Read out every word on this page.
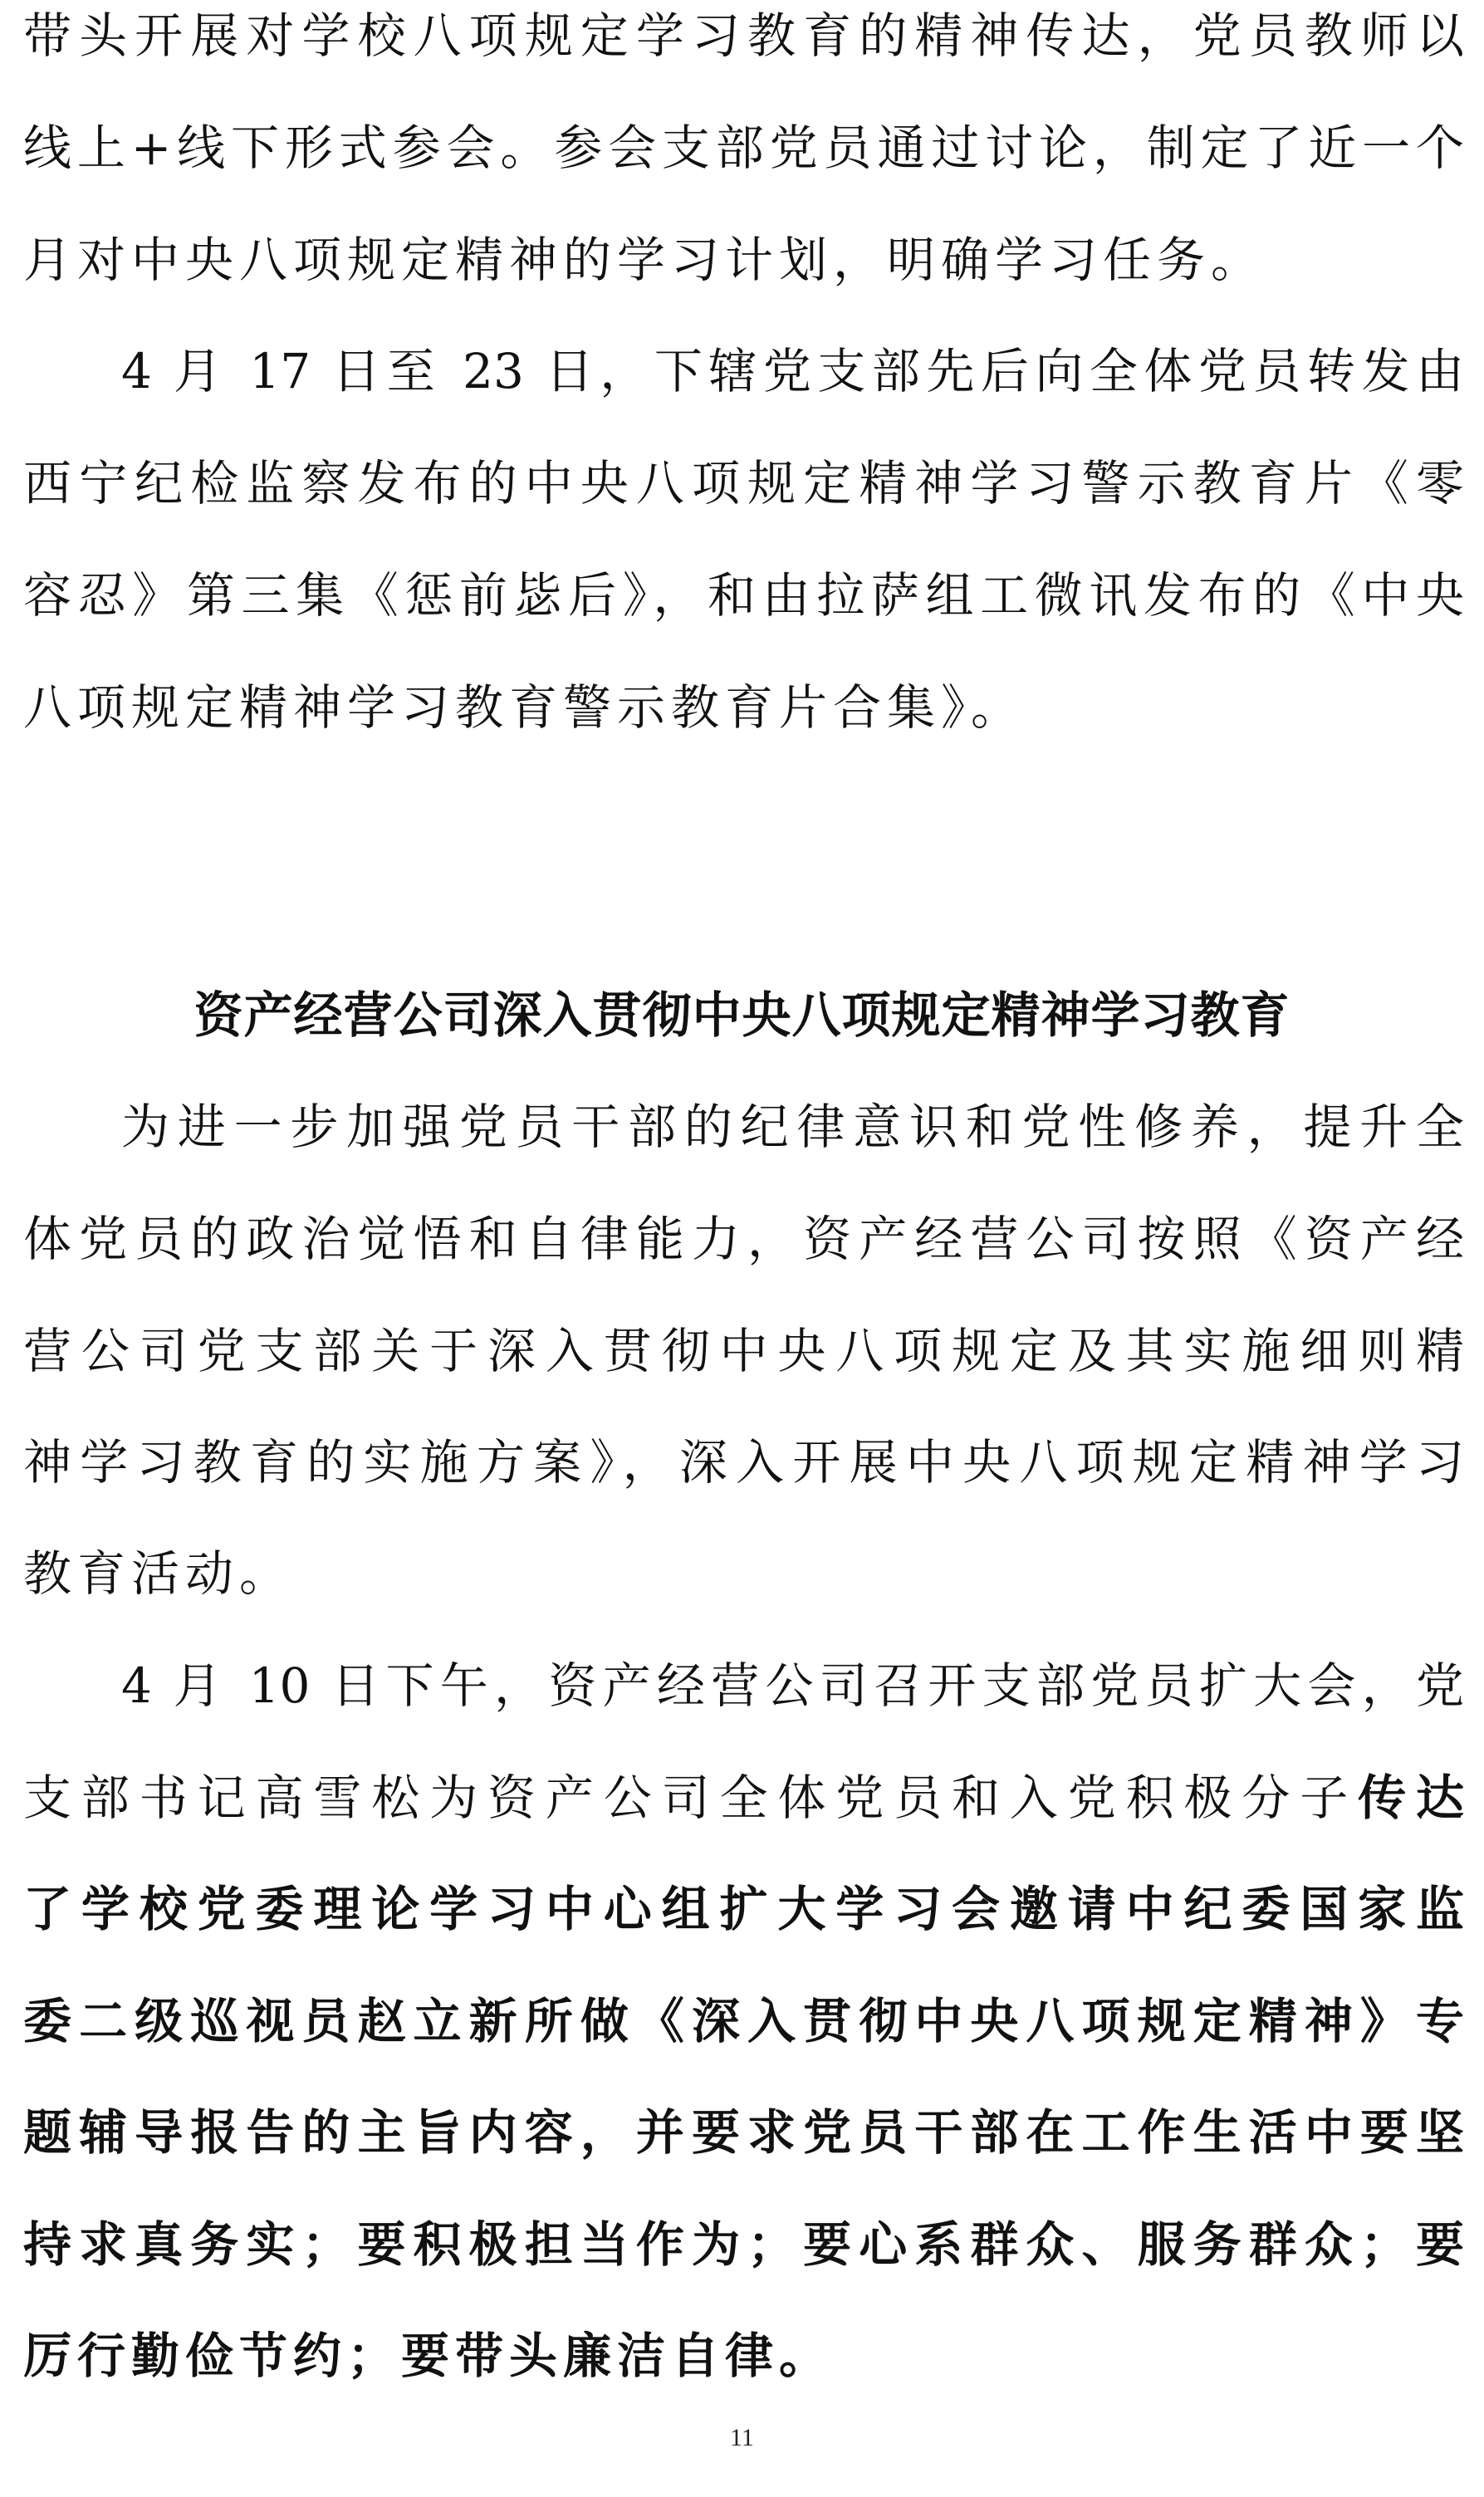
带头开展对学校八项规定学习教育的精神传达，党员教师以
线上+线下形式参会。参会支部党员通过讨论，制定了近一个
月对中央八项规定精神的学习计划，明确学习任务。
4 月 17 日至 23 日，下辖党支部先后向全体党员转发由
西宁纪检监察发布的中央八项规定精神学习警示教育片《零
容忍》第三集《惩前毖后》，和由拉萨组工微讯发布的《中央
八项规定精神学习教育警示教育片合集》。
资产经营公司深入贯彻中央八项规定精神学习教育
为进一步加强党员干部的纪律意识和党性修养，提升全
体党员的政治觉悟和自律能力，资产经营公司按照《资产经
营公司党支部关于深入贯彻中央八项规定及其实施细则精
神学习教育的实施方案》，深入开展中央八项规定精神学习
教育活动。
4 月 10 日下午，资产经营公司召开支部党员扩大会，党
支部书记高雪松为资产公司全体党员和入党积极分子传达
了学校党委理论学习中心组扩大学习会邀请中纪委国家监
委二级巡视员赵立新所做《深入贯彻中央八项规定精神》专
题辅导报告的主旨内容，并要求党员干部在工作生活中要坚
持求真务实；要积极担当作为；要心系群众、服务群众；要
厉行勤俭节约；要带头廉洁自律。
11
